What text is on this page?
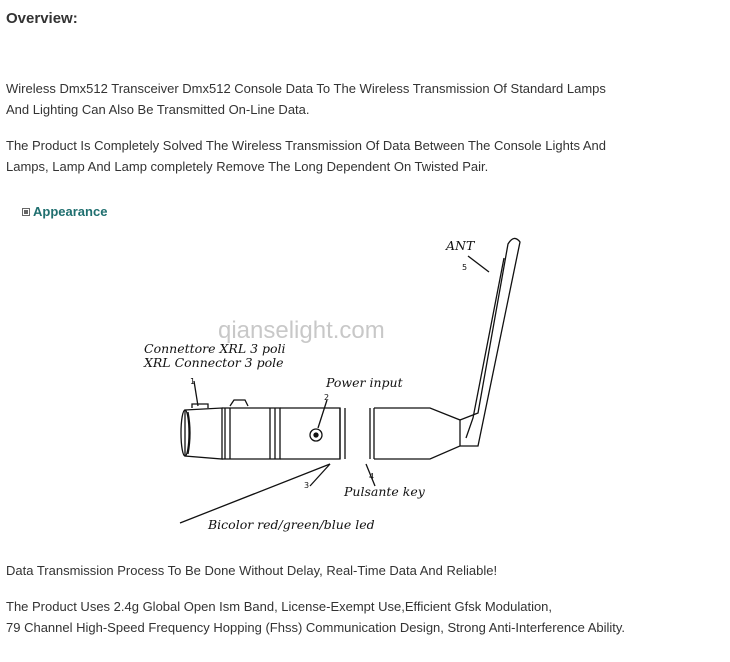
Overview:
Wireless Dmx512 Transceiver Dmx512 Console Data To The Wireless Transmission Of Standard Lamps
And Lighting Can Also Be Transmitted On-Line Data.
The Product Is Completely Solved The Wireless Transmission Of Data Between The Console Lights And
Lamps, Lamp And Lamp completely Remove The Long Dependent On Twisted Pair.
Appearance
ANT
5
Connettore XRL 3 poli
XRL Connector 3 pole
1	Power input
2
3
4
Pulsante key
Bicolor red/green/blue led
qianselight.com
Data Transmission Process To Be Done Without Delay, Real-Time Data And Reliable!
The Product Uses 2.4g Global Open Ism Band, License-Exempt Use,Efficient Gfsk Modulation,
79 Channel High-Speed Frequency Hopping (Fhss) Communication Design, Strong Anti-Interference Ability.
